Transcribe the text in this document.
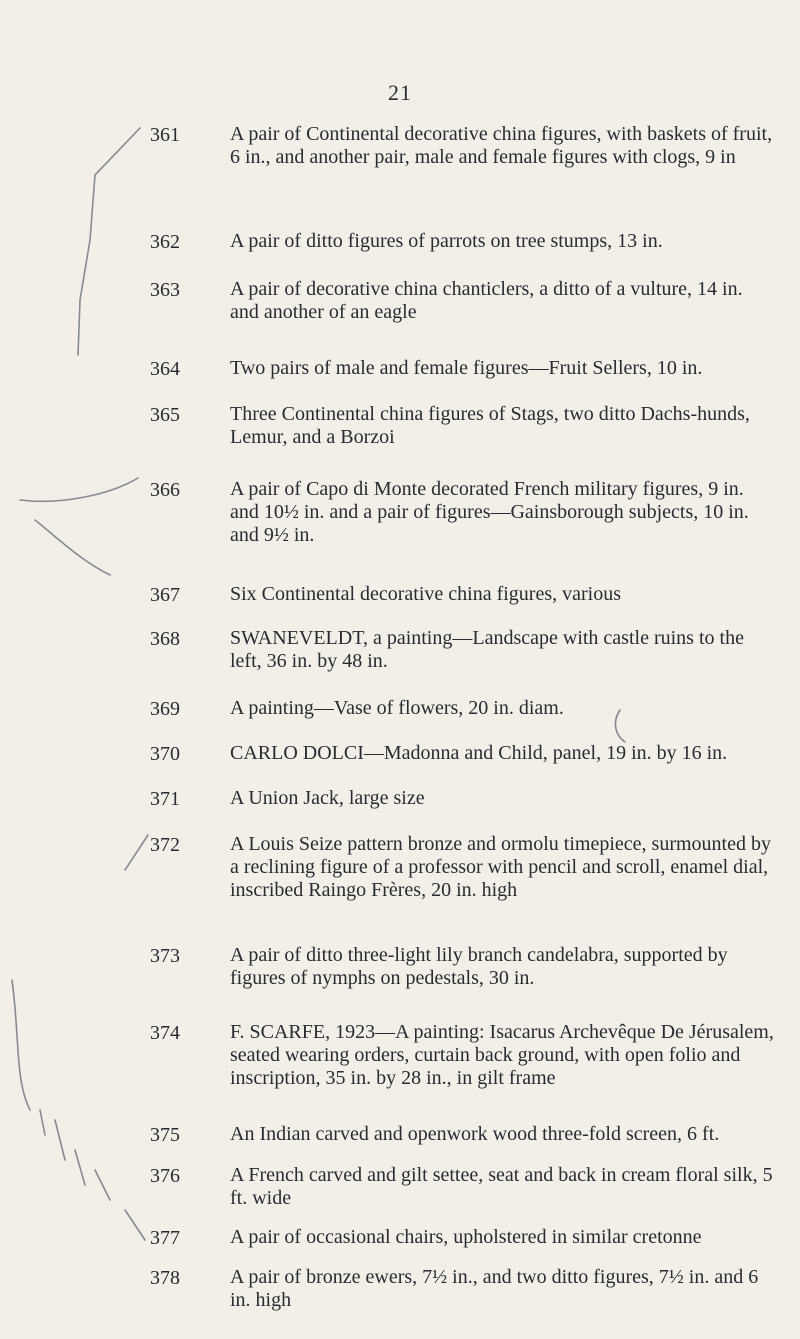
21
361	A pair of Continental decorative china figures, with baskets of fruit, 6 in., and another pair, male and female figures with clogs, 9 in
362	A pair of ditto figures of parrots on tree stumps, 13 in.
363	A pair of decorative china chanticlers, a ditto of a vulture, 14 in. and another of an eagle
364	Two pairs of male and female figures—Fruit Sellers, 10 in.
365	Three Continental china figures of Stags, two ditto Dachs-hunds, Lemur, and a Borzoi
366	A pair of Capo di Monte decorated French military figures, 9 in. and 10½ in. and a pair of figures—Gainsborough subjects, 10 in. and 9½ in.
367	Six Continental decorative china figures, various
368	SWANEVELDT, a painting—Landscape with castle ruins to the left, 36 in. by 48 in.
369	A painting—Vase of flowers, 20 in. diam.
370	CARLO DOLCI—Madonna and Child, panel, 19 in. by 16 in.
371	A Union Jack, large size
372	A Louis Seize pattern bronze and ormolu timepiece, surmounted by a reclining figure of a professor with pencil and scroll, enamel dial, inscribed Raingo Frères, 20 in. high
373	A pair of ditto three-light lily branch candelabra, supported by figures of nymphs on pedestals, 30 in.
374	F. SCARFE, 1923—A painting: Isacarus Archevêque De Jérusalem, seated wearing orders, curtain back ground, with open folio and inscription, 35 in. by 28 in., in gilt frame
375	An Indian carved and openwork wood three-fold screen, 6 ft.
376	A French carved and gilt settee, seat and back in cream floral silk, 5 ft. wide
377	A pair of occasional chairs, upholstered in similar cretonne
378	A pair of bronze ewers, 7½ in., and two ditto figures, 7½ in. and 6 in. high
